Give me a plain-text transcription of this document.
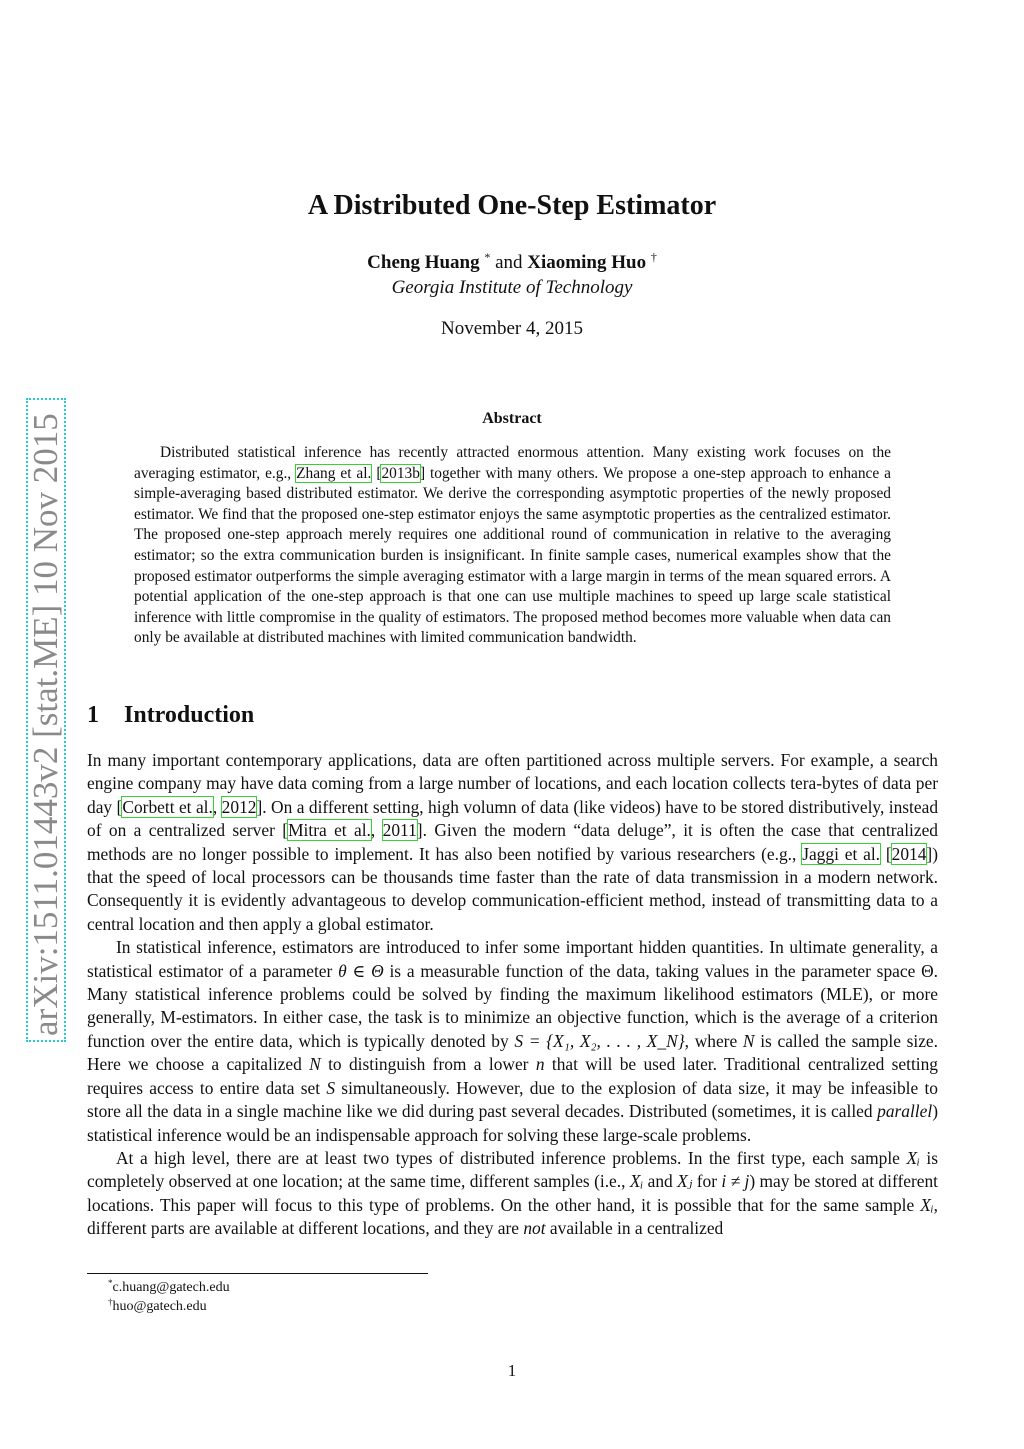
arXiv:1511.01443v2 [stat.ME] 10 Nov 2015
A Distributed One-Step Estimator
Cheng Huang * and Xiaoming Huo †
Georgia Institute of Technology
November 4, 2015
Abstract

Distributed statistical inference has recently attracted enormous attention. Many existing work focuses on the averaging estimator, e.g., Zhang et al. [2013b] together with many others. We propose a one-step approach to enhance a simple-averaging based distributed estimator. We derive the corresponding asymptotic properties of the newly proposed estimator. We find that the proposed one-step estimator enjoys the same asymptotic properties as the centralized estimator. The proposed one-step approach merely requires one additional round of communication in relative to the averaging estimator; so the extra communication burden is insignificant. In finite sample cases, numerical examples show that the proposed estimator outperforms the simple averaging estimator with a large margin in terms of the mean squared errors. A potential application of the one-step approach is that one can use multiple machines to speed up large scale statistical inference with little compromise in the quality of estimators. The proposed method becomes more valuable when data can only be available at distributed machines with limited communication bandwidth.

1 Introduction

In many important contemporary applications, data are often partitioned across multiple servers. For example, a search engine company may have data coming from a large number of locations, and each location collects tera-bytes of data per day [Corbett et al., 2012]. On a different setting, high volumn of data (like videos) have to be stored distributively, instead of on a centralized server [Mitra et al., 2011]. Given the modern “data deluge”, it is often the case that centralized methods are no longer possible to implement. It has also been notified by various researchers (e.g., Jaggi et al. [2014]) that the speed of local processors can be thousands time faster than the rate of data transmission in a modern network. Consequently it is evidently advantageous to develop communication-efficient method, instead of transmitting data to a central location and then apply a global estimator.

In statistical inference, estimators are introduced to infer some important hidden quantities. In ultimate generality, a statistical estimator of a parameter θ ∈ Θ is a measurable function of the data, taking values in the parameter space Θ. Many statistical inference problems could be solved by finding the maximum likelihood estimators (MLE), or more generally, M-estimators. In either case, the task is to minimize an objective function, which is the average of a criterion function over the entire data, which is typically denoted by S = {X₁, X₂, . . . , X_N}, where N is called the sample size. Here we choose a capitalized N to distinguish from a lower n that will be used later. Traditional centralized setting requires access to entire data set S simultaneously. However, due to the explosion of data size, it may be infeasible to store all the data in a single machine like we did during past several decades. Distributed (sometimes, it is called parallel) statistical inference would be an indispensable approach for solving these large-scale problems.

At a high level, there are at least two types of distributed inference problems. In the first type, each sample Xᵢ is completely observed at one location; at the same time, different samples (i.e., Xᵢ and Xⱼ for i ≠ j) may be stored at different locations. This paper will focus to this type of problems. On the other hand, it is possible that for the same sample Xᵢ, different parts are available at different locations, and they are not available in a centralized

*c.huang@gatech.edu
†huo@gatech.edu
1
